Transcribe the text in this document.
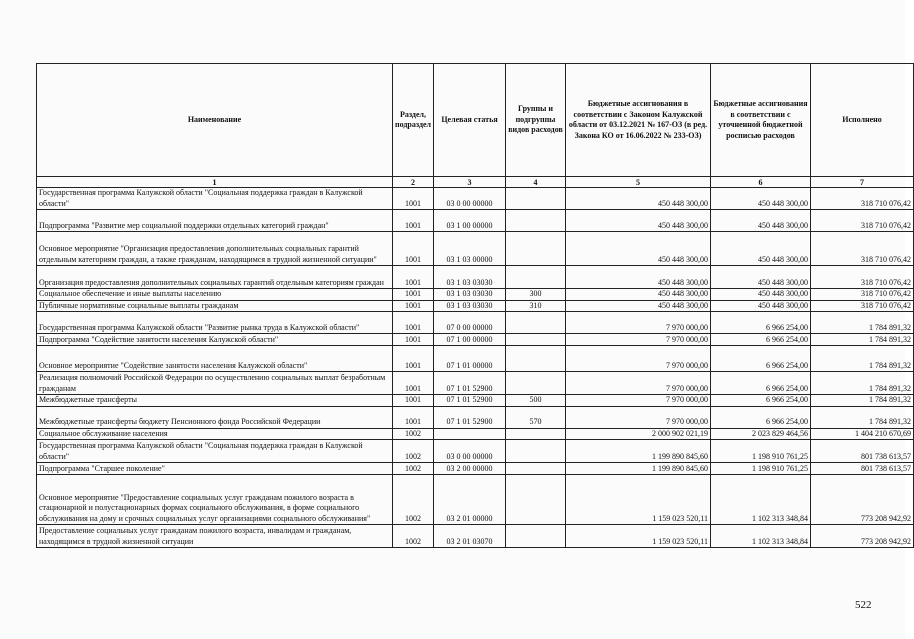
Наименование	Раздел, подраздел	Целевая статья	Группы и подгруппы видов расходов	Бюджетные ассигнования в соответствии с Законом Калужской области от 03.12.2021 № 167-ОЗ (в ред. Закона КО от 16.06.2022 № 233-ОЗ)	Бюджетные ассигнования в соответствии с уточненной бюджетной росписью расходов	Исполнено
1	2	3	4	5	6	7
Государственная программа Калужской области "Социальная поддержка граждан в Калужской области"	1001	03 0 00 00000		450 448 300,00	450 448 300,00	318 710 076,42
Подпрограмма "Развитие мер социальной поддержки отдельных категорий граждан"	1001	03 1 00 00000		450 448 300,00	450 448 300,00	318 710 076,42
Основное мероприятие "Организация предоставления дополнительных социальных гарантий отдельным категориям граждан, а также гражданам, находящимся в трудной жизненной ситуации"	1001	03 1 03 00000		450 448 300,00	450 448 300,00	318 710 076,42
Организация предоставления дополнительных социальных гарантий отдельным категориям граждан	1001	03 1 03 03030		450 448 300,00	450 448 300,00	318 710 076,42
Социальное обеспечение и иные выплаты населению	1001	03 1 03 03030	300	450 448 300,00	450 448 300,00	318 710 076,42
Публичные нормативные социальные выплаты гражданам	1001	03 1 03 03030	310	450 448 300,00	450 448 300,00	318 710 076,42
Государственная программа Калужской области "Развитие рынка труда в Калужской области"	1001	07 0 00 00000		7 970 000,00	6 966 254,00	1 784 891,32
Подпрограмма "Содействие занятости населения Калужской области"	1001	07 1 00 00000		7 970 000,00	6 966 254,00	1 784 891,32
Основное мероприятие "Содействие занятости населения Калужской области"	1001	07 1 01 00000		7 970 000,00	6 966 254,00	1 784 891,32
Реализация полномочий Российской Федерации по осуществлению социальных выплат безработным гражданам	1001	07 1 01 52900		7 970 000,00	6 966 254,00	1 784 891,32
Межбюджетные трансферты	1001	07 1 01 52900	500	7 970 000,00	6 966 254,00	1 784 891,32
Межбюджетные трансферты бюджету Пенсионного фонда Российской Федерации	1001	07 1 01 52900	570	7 970 000,00	6 966 254,00	1 784 891,32
Социальное обслуживание населения	1002			2 000 902 021,19	2 023 829 464,56	1 404 210 670,69
Государственная программа Калужской области "Социальная поддержка граждан в Калужской области"	1002	03 0 00 00000		1 199 890 845,60	1 198 910 761,25	801 738 613,57
Подпрограмма "Старшее поколение"	1002	03 2 00 00000		1 199 890 845,60	1 198 910 761,25	801 738 613,57
Основное мероприятие "Предоставление социальных услуг гражданам пожилого возраста в стационарной и полустационарных формах социального обслуживания, в форме социального обслуживания на дому и срочных социальных услуг организациями социального обслуживания"	1002	03 2 01 00000		1 159 023 520,11	1 102 313 348,84	773 208 942,92
Предоставление социальных услуг гражданам пожилого возраста, инвалидам и гражданам, находящимся в трудной жизненной ситуации	1002	03 2 01 03070		1 159 023 520,11	1 102 313 348,84	773 208 942,92
522
